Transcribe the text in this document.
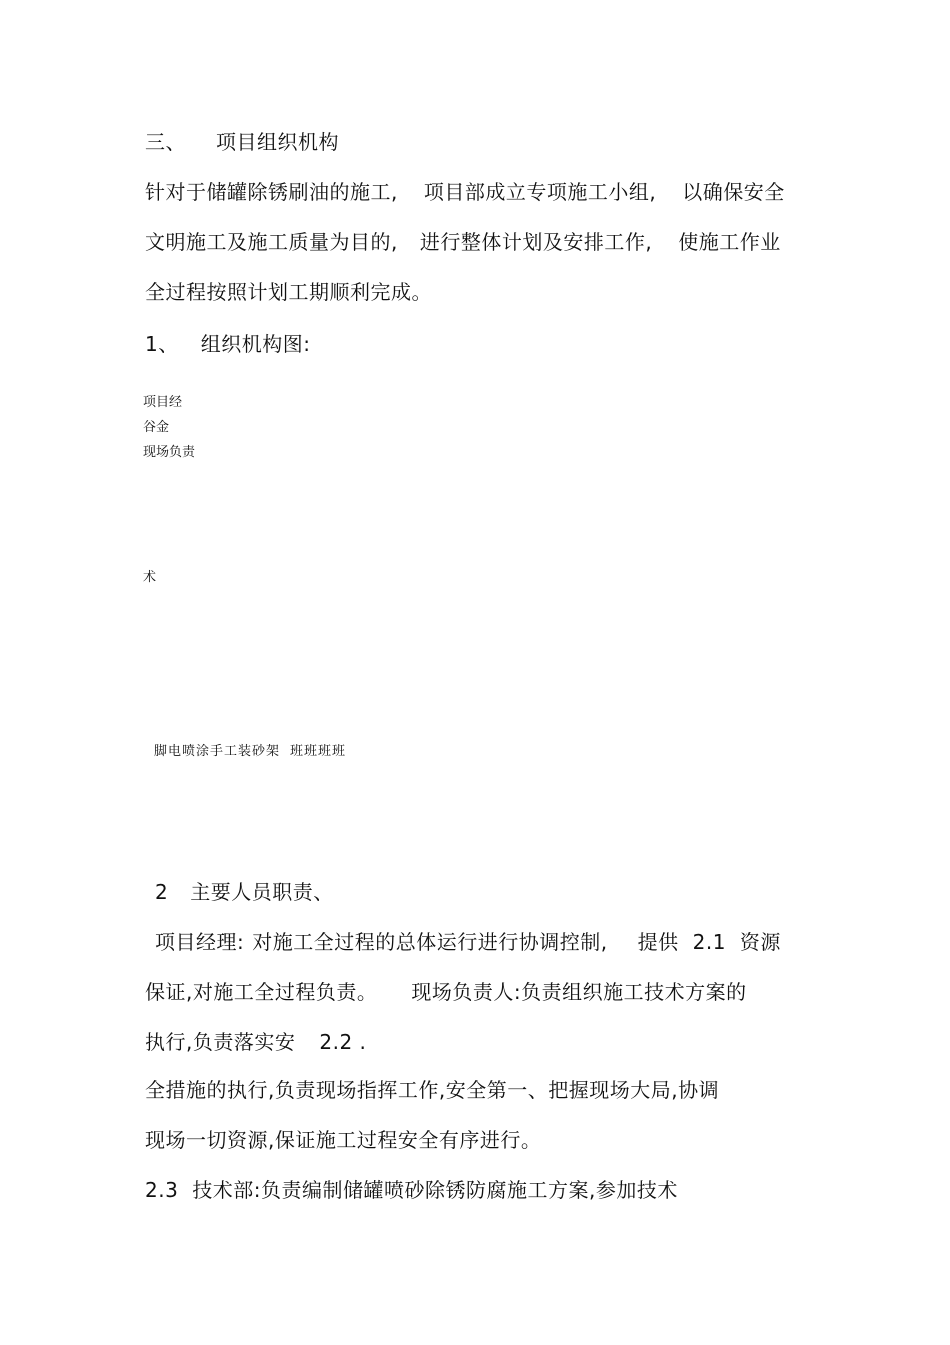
三、 项目组织机构
针对于储罐除锈刷油的施工, 项目部成立专项施工小组, 以确保安全
文明施工及施工质量为目的, 进行整体计划及安排工作, 使施工作业
全过程按照计划工期顺利完成。
1、 组织机构图:
项目经
谷金
现场负责
术
脚电喷涂手工装砂架 班班班班
2 主要人员职责、
项目经理: 对施工全过程的总体运行进行协调控制, 提供 2.1 资源
保证,对施工全过程负责。 现场负责人:负责组织施工技术方案的
执行,负责落实安 2.2 .
全措施的执行,负责现场指挥工作,安全第一、把握现场大局,协调
现场一切资源,保证施工过程安全有序进行。
2.3 技术部:负责编制储罐喷砂除锈防腐施工方案,参加技术
